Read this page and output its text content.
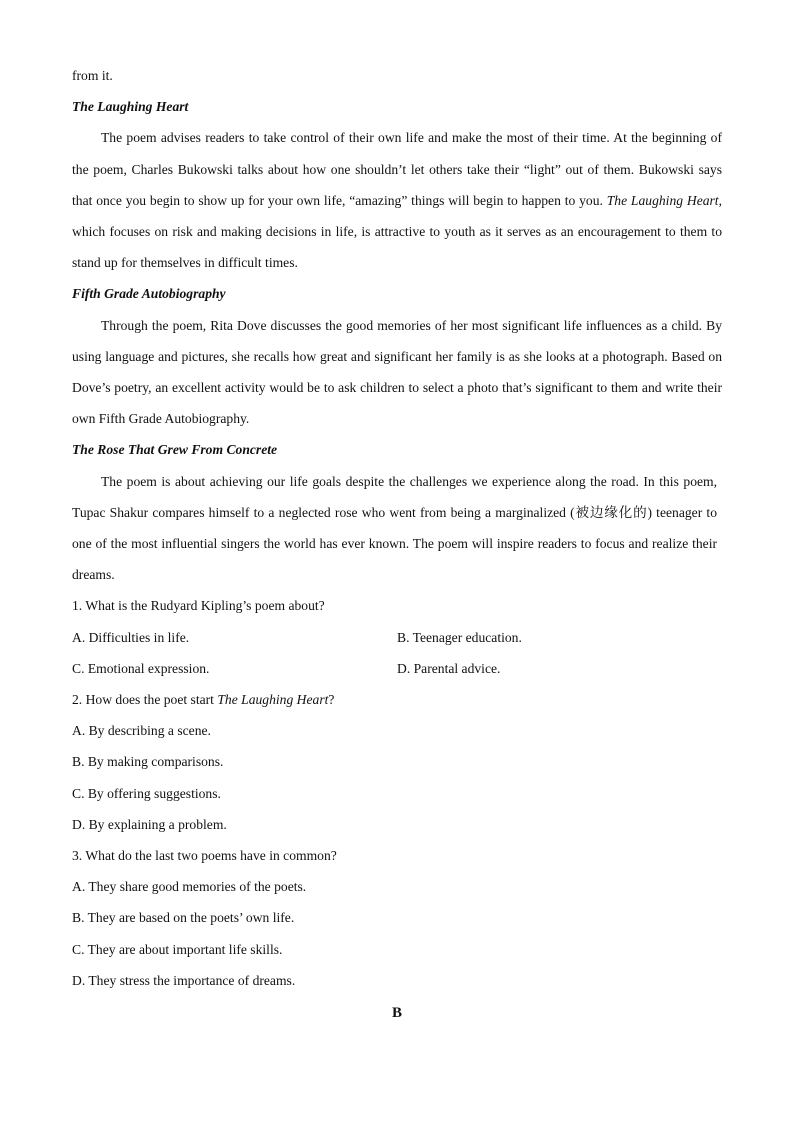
from it.

The Laughing Heart

The poem advises readers to take control of their own life and make the most of their time. At the beginning of the poem, Charles Bukowski talks about how one shouldn’t let others take their “light” out of them. Bukowski says that once you begin to show up for your own life, “amazing” things will begin to happen to you. The Laughing Heart, which focuses on risk and making decisions in life, is attractive to youth as it serves as an encouragement to them to stand up for themselves in difficult times.

Fifth Grade Autobiography

Through the poem, Rita Dove discusses the good memories of her most significant life influences as a child. By using language and pictures, she recalls how great and significant her family is as she looks at a photograph. Based on Dove’s poetry, an excellent activity would be to ask children to select a photo that’s significant to them and write their own Fifth Grade Autobiography.

The Rose That Grew From Concrete

The poem is about achieving our life goals despite the challenges we experience along the road. In this poem, Tupac Shakur compares himself to a neglected rose who went from being a marginalized (被边缘化的) teenager to one of the most influential singers the world has ever known. The poem will inspire readers to focus and realize their dreams.

1. What is the Rudyard Kipling’s poem about?

A. Difficulties in life.	B. Teenager education.
C. Emotional expression.	D. Parental advice.

2. How does the poet start The Laughing Heart?

A. By describing a scene.

B. By making comparisons.

C. By offering suggestions.

D. By explaining a problem.

3. What do the last two poems have in common?

A. They share good memories of the poets.

B. They are based on the poets’ own life.

C. They are about important life skills.

D. They stress the importance of dreams.

B
